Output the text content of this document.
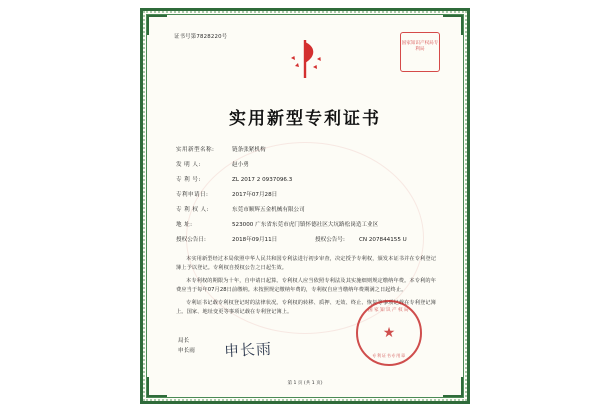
证书号第7828220号
国家知识产权局专利局
实用新型专利证书
实用新型名称:	链条张紧机构
发 明 人:	赵小勇
专 利 号:	ZL 2017 2 0937096.3
专利申请日:	2017年07月28日
专 利 权 人:	东莞市顺辉五金机械有限公司
地 址:	523000 广东省东莞市虎门镇怀德社区大坑路松岗造工业区
授权公告日:	2018年09月11日	授权公告号:	CN 207844155 U

本实用新型经过本局依照中华人民共和国专利法进行初步审查，决定授予专利权，颁发本证书并在专利登记簿上予以登记。专利权自授权公告之日起生效。

本专利权的期限为十年，自申请日起算。专利权人应当依照专利法及其实施细则规定缴纳年费。本专利的年费应当于每年07月28日前缴纳。未按照规定缴纳年费的，专利权自应当缴纳年费期满之日起终止。

专利证书记载专利权登记时的法律状况。专利权的转移、质押、无效、终止、恢复等事项记载在专利登记簿上。国家、地址变更等事项记载在专利登记簿上。

局长
申长雨 申长雨
国家知识产权局
★
专利证书专用章
第 1 页 (共 1 页)
